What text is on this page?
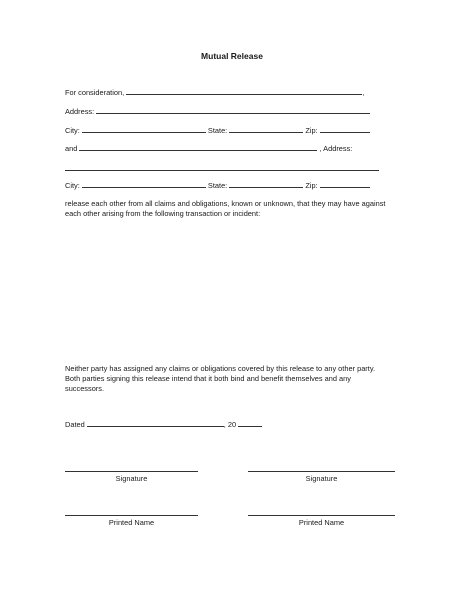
Mutual Release
For consideration,	,
Address:
City:	State:	Zip:
and	, Address:
City:	State:	Zip:
release each other from all claims and obligations, known or unknown, that they may have against each other arising from the following transaction or incident:
Neither party has assigned any claims or obligations covered by this release to any other party. Both parties signing this release intend that it both bind and benefit themselves and any successors.
Dated	, 20
Signature	Signature
Printed Name	Printed Name
